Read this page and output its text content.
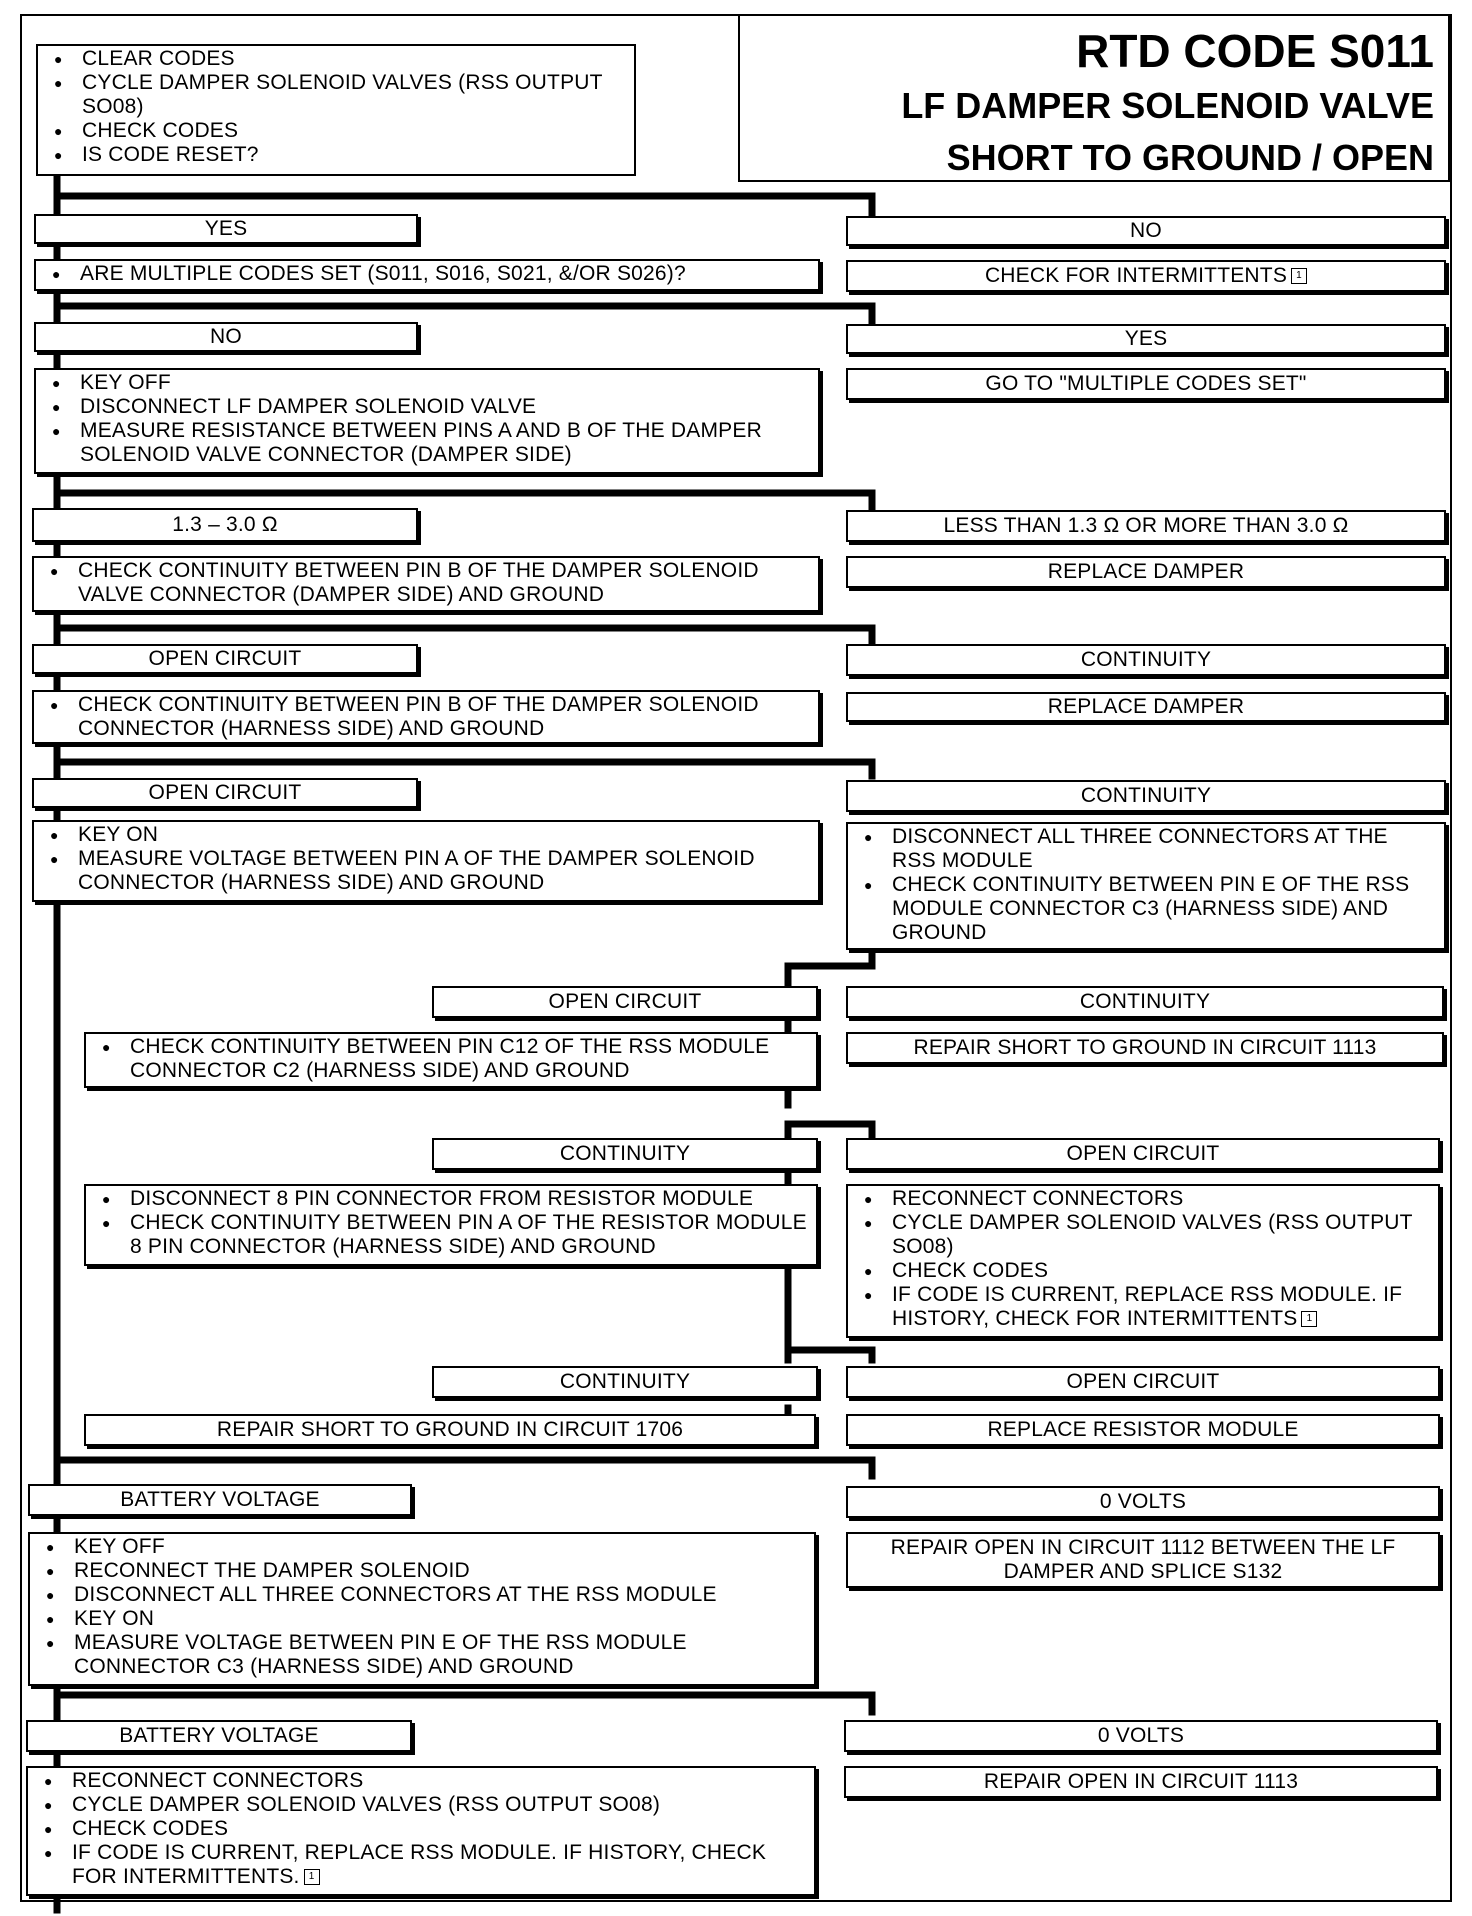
RTD CODE S011
LF DAMPER SOLENOID VALVE
SHORT TO GROUND / OPEN
● CLEAR CODES
● CYCLE DAMPER SOLENOID VALVES (RSS OUTPUT SO08)
● CHECK CODES
● IS CODE RESET?
YES	NO
● ARE MULTIPLE CODES SET (S011, S016, S021, &/OR S026)?	CHECK FOR INTERMITTENTS 1
NO	YES
● KEY OFF
● DISCONNECT LF DAMPER SOLENOID VALVE
● MEASURE RESISTANCE BETWEEN PINS A AND B OF THE DAMPER SOLENOID VALVE CONNECTOR (DAMPER SIDE)
GO TO "MULTIPLE CODES SET"
1.3 – 3.0 Ω	LESS THAN 1.3 Ω OR MORE THAN 3.0 Ω
● CHECK CONTINUITY BETWEEN PIN B OF THE DAMPER SOLENOID VALVE CONNECTOR (DAMPER SIDE) AND GROUND
REPLACE DAMPER
OPEN CIRCUIT	CONTINUITY
● CHECK CONTINUITY BETWEEN PIN B OF THE DAMPER SOLENOID CONNECTOR (HARNESS SIDE) AND GROUND
REPLACE DAMPER
OPEN CIRCUIT	CONTINUITY
● KEY ON
● MEASURE VOLTAGE BETWEEN PIN A OF THE DAMPER SOLENOID CONNECTOR (HARNESS SIDE) AND GROUND
● DISCONNECT ALL THREE CONNECTORS AT THE RSS MODULE
● CHECK CONTINUITY BETWEEN PIN E OF THE RSS MODULE CONNECTOR C3 (HARNESS SIDE) AND GROUND
OPEN CIRCUIT	CONTINUITY
● CHECK CONTINUITY BETWEEN PIN C12 OF THE RSS MODULE CONNECTOR C2 (HARNESS SIDE) AND GROUND
REPAIR SHORT TO GROUND IN CIRCUIT 1113
CONTINUITY	OPEN CIRCUIT
● DISCONNECT 8 PIN CONNECTOR FROM RESISTOR MODULE
● CHECK CONTINUITY BETWEEN PIN A OF THE RESISTOR MODULE 8 PIN CONNECTOR (HARNESS SIDE) AND GROUND
● RECONNECT CONNECTORS
● CYCLE DAMPER SOLENOID VALVES (RSS OUTPUT SO08)
● CHECK CODES
● IF CODE IS CURRENT, REPLACE RSS MODULE. IF HISTORY, CHECK FOR INTERMITTENTS 1
CONTINUITY	OPEN CIRCUIT
REPAIR SHORT TO GROUND IN CIRCUIT 1706	REPLACE RESISTOR MODULE
BATTERY VOLTAGE	0 VOLTS
● KEY OFF
● RECONNECT THE DAMPER SOLENOID
● DISCONNECT ALL THREE CONNECTORS AT THE RSS MODULE
● KEY ON
● MEASURE VOLTAGE BETWEEN PIN E OF THE RSS MODULE CONNECTOR C3 (HARNESS SIDE) AND GROUND
REPAIR OPEN IN CIRCUIT 1112 BETWEEN THE LF DAMPER AND SPLICE S132
BATTERY VOLTAGE	0 VOLTS
● RECONNECT CONNECTORS
● CYCLE DAMPER SOLENOID VALVES (RSS OUTPUT SO08)
● CHECK CODES
● IF CODE IS CURRENT, REPLACE RSS MODULE. IF HISTORY, CHECK FOR INTERMITTENTS. 1
REPAIR OPEN IN CIRCUIT 1113
